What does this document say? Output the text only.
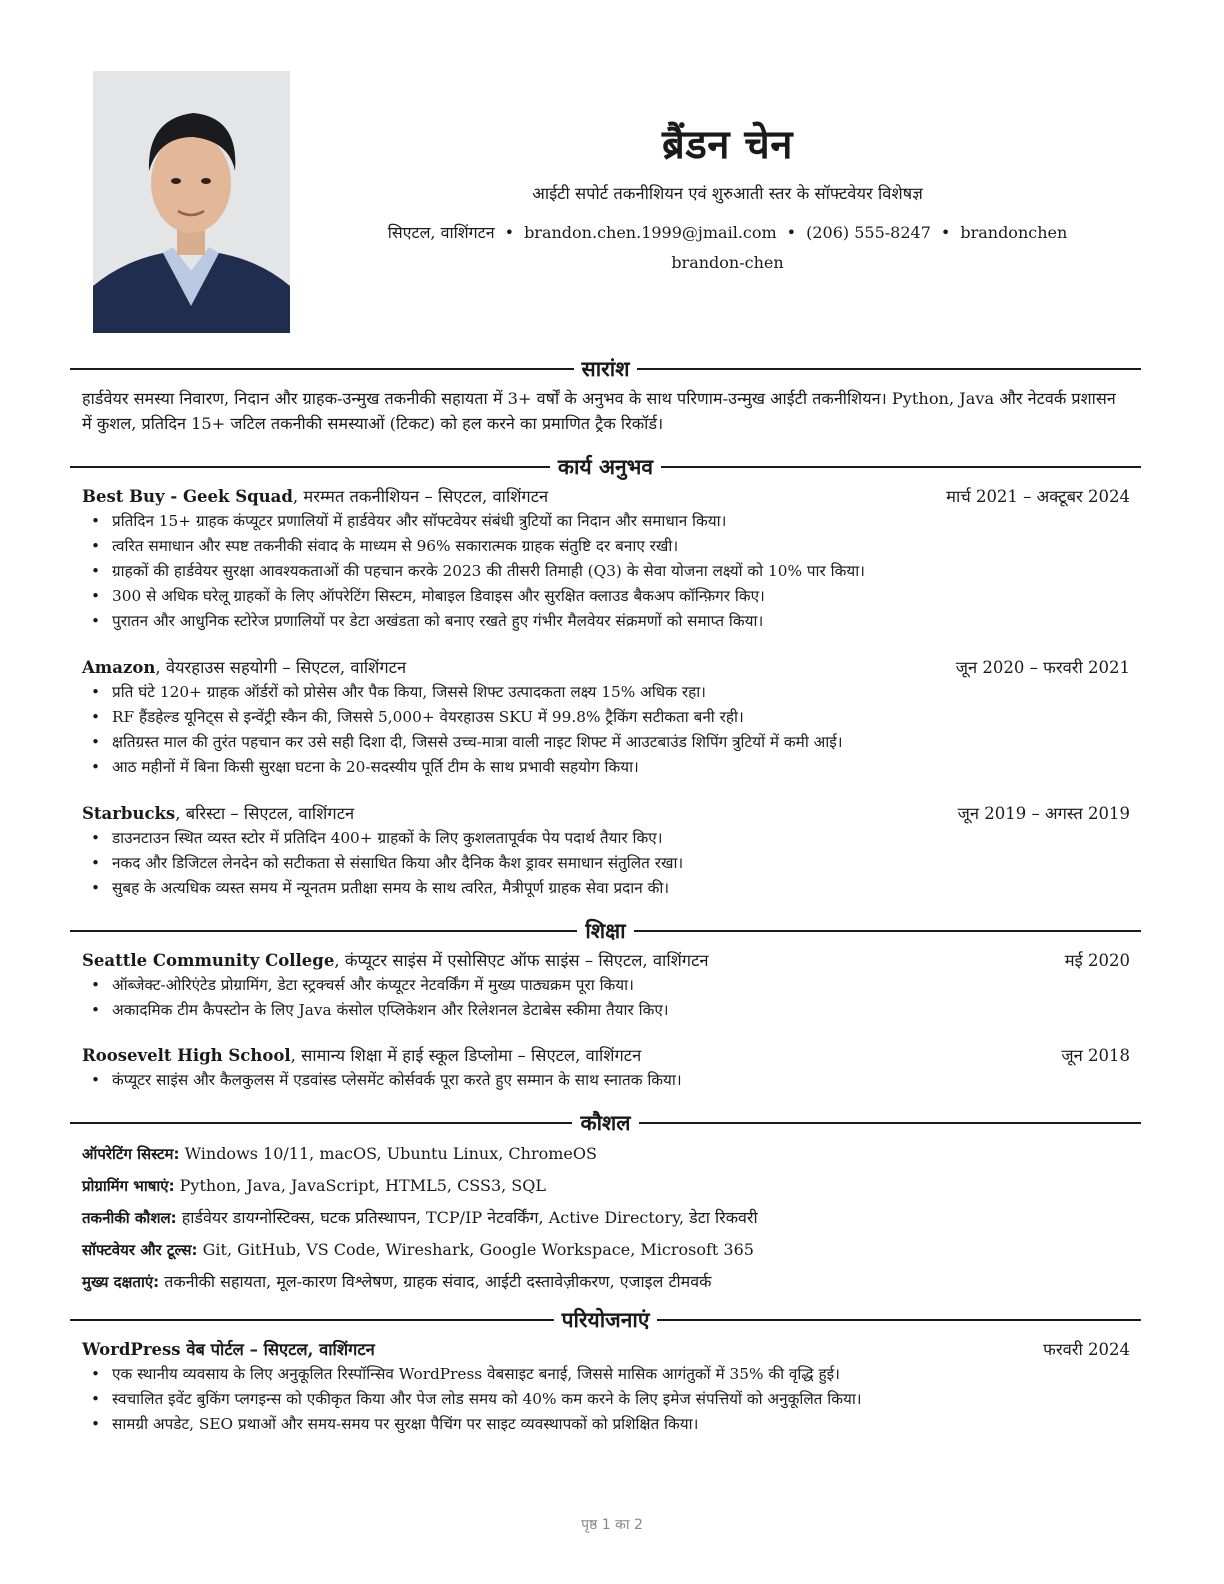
ब्रैंडन चेन
आईटी सपोर्ट तकनीशियन एवं शुरुआती स्तर के सॉफ्टवेयर विशेषज्ञ
सिएटल, वाशिंगटन • brandon.chen.1999@jmail.com • (206) 555-8247 • brandonchen
brandon-chen
सारांश
हार्डवेयर समस्या निवारण, निदान और ग्राहक-उन्मुख तकनीकी सहायता में 3+ वर्षों के अनुभव के साथ परिणाम-उन्मुख आईटी तकनीशियन। Python, Java और नेटवर्क प्रशासन में कुशल, प्रतिदिन 15+ जटिल तकनीकी समस्याओं (टिकट) को हल करने का प्रमाणित ट्रैक रिकॉर्ड।
कार्य अनुभव
Best Buy - Geek Squad, मरम्मत तकनीशियन – सिएटल, वाशिंगटन	मार्च 2021 – अक्टूबर 2024
• प्रतिदिन 15+ ग्राहक कंप्यूटर प्रणालियों में हार्डवेयर और सॉफ्टवेयर संबंधी त्रुटियों का निदान और समाधान किया।
• त्वरित समाधान और स्पष्ट तकनीकी संवाद के माध्यम से 96% सकारात्मक ग्राहक संतुष्टि दर बनाए रखी।
• ग्राहकों की हार्डवेयर सुरक्षा आवश्यकताओं की पहचान करके 2023 की तीसरी तिमाही (Q3) के सेवा योजना लक्ष्यों को 10% पार किया।
• 300 से अधिक घरेलू ग्राहकों के लिए ऑपरेटिंग सिस्टम, मोबाइल डिवाइस और सुरक्षित क्लाउड बैकअप कॉन्फ़िगर किए।
• पुरातन और आधुनिक स्टोरेज प्रणालियों पर डेटा अखंडता को बनाए रखते हुए गंभीर मैलवेयर संक्रमणों को समाप्त किया।
Amazon, वेयरहाउस सहयोगी – सिएटल, वाशिंगटन	जून 2020 – फरवरी 2021
• प्रति घंटे 120+ ग्राहक ऑर्डरों को प्रोसेस और पैक किया, जिससे शिफ्ट उत्पादकता लक्ष्य 15% अधिक रहा।
• RF हैंडहेल्ड यूनिट्स से इन्वेंट्री स्कैन की, जिससे 5,000+ वेयरहाउस SKU में 99.8% ट्रैकिंग सटीकता बनी रही।
• क्षतिग्रस्त माल की तुरंत पहचान कर उसे सही दिशा दी, जिससे उच्च-मात्रा वाली नाइट शिफ्ट में आउटबाउंड शिपिंग त्रुटियों में कमी आई।
• आठ महीनों में बिना किसी सुरक्षा घटना के 20-सदस्यीय पूर्ति टीम के साथ प्रभावी सहयोग किया।
Starbucks, बरिस्टा – सिएटल, वाशिंगटन	जून 2019 – अगस्त 2019
• डाउनटाउन स्थित व्यस्त स्टोर में प्रतिदिन 400+ ग्राहकों के लिए कुशलतापूर्वक पेय पदार्थ तैयार किए।
• नकद और डिजिटल लेनदेन को सटीकता से संसाधित किया और दैनिक कैश ड्रावर समाधान संतुलित रखा।
• सुबह के अत्यधिक व्यस्त समय में न्यूनतम प्रतीक्षा समय के साथ त्वरित, मैत्रीपूर्ण ग्राहक सेवा प्रदान की।
शिक्षा
Seattle Community College, कंप्यूटर साइंस में एसोसिएट ऑफ साइंस – सिएटल, वाशिंगटन	मई 2020
• ऑब्जेक्ट-ओरिएंटेड प्रोग्रामिंग, डेटा स्ट्रक्चर्स और कंप्यूटर नेटवर्किंग में मुख्य पाठ्यक्रम पूरा किया।
• अकादमिक टीम कैपस्टोन के लिए Java कंसोल एप्लिकेशन और रिलेशनल डेटाबेस स्कीमा तैयार किए।
Roosevelt High School, सामान्य शिक्षा में हाई स्कूल डिप्लोमा – सिएटल, वाशिंगटन	जून 2018
• कंप्यूटर साइंस और कैलकुलस में एडवांस्ड प्लेसमेंट कोर्सवर्क पूरा करते हुए सम्मान के साथ स्नातक किया।
कौशल
ऑपरेटिंग सिस्टम: Windows 10/11, macOS, Ubuntu Linux, ChromeOS
प्रोग्रामिंग भाषाएं: Python, Java, JavaScript, HTML5, CSS3, SQL
तकनीकी कौशल: हार्डवेयर डायग्नोस्टिक्स, घटक प्रतिस्थापन, TCP/IP नेटवर्किंग, Active Directory, डेटा रिकवरी
सॉफ्टवेयर और टूल्स: Git, GitHub, VS Code, Wireshark, Google Workspace, Microsoft 365
मुख्य दक्षताएं: तकनीकी सहायता, मूल-कारण विश्लेषण, ग्राहक संवाद, आईटी दस्तावेज़ीकरण, एजाइल टीमवर्क
परियोजनाएं
WordPress वेब पोर्टल – सिएटल, वाशिंगटन	फरवरी 2024
• एक स्थानीय व्यवसाय के लिए अनुकूलित रिस्पॉन्सिव WordPress वेबसाइट बनाई, जिससे मासिक आगंतुकों में 35% की वृद्धि हुई।
• स्वचालित इवेंट बुकिंग प्लगइन्स को एकीकृत किया और पेज लोड समय को 40% कम करने के लिए इमेज संपत्तियों को अनुकूलित किया।
• सामग्री अपडेट, SEO प्रथाओं और समय-समय पर सुरक्षा पैचिंग पर साइट व्यवस्थापकों को प्रशिक्षित किया।
पृष्ठ 1 का 2
